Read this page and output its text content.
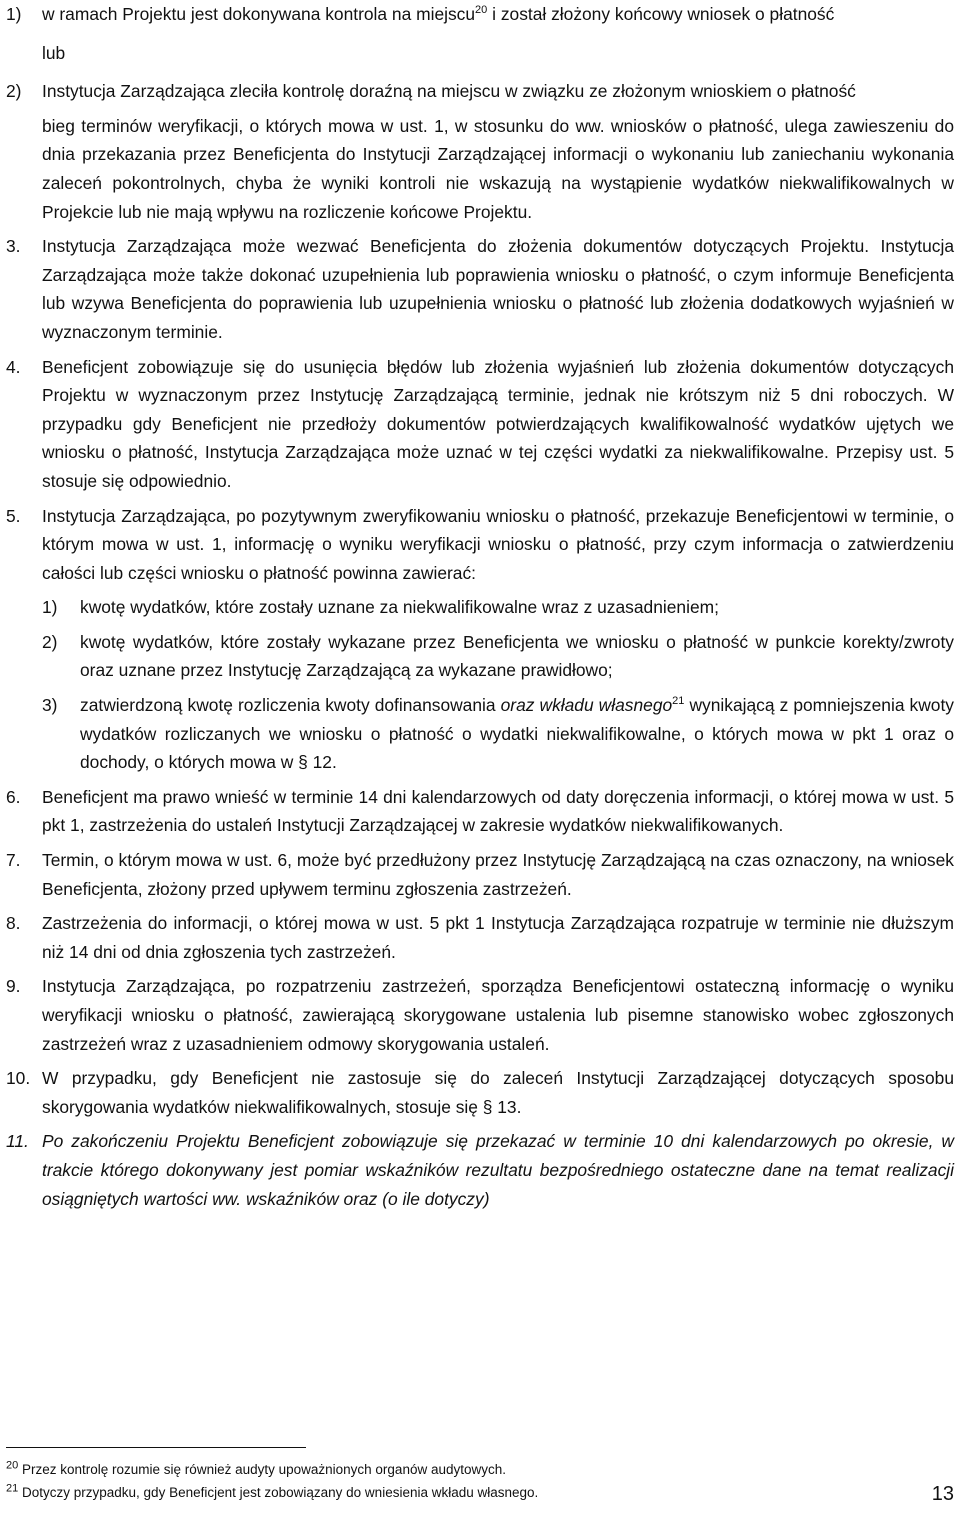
1) w ramach Projektu jest dokonywana kontrola na miejscu$^{20}$ i został złożony końcowy wniosek o płatność
lub
2) Instytucja Zarządzająca zleciła kontrolę doraźną na miejscu w związku ze złożonym wnioskiem o płatność
bieg terminów weryfikacji, o których mowa w ust. 1, w stosunku do ww. wniosków o płatność, ulega zawieszeniu do dnia przekazania przez Beneficjenta do Instytucji Zarządzającej informacji o wykonaniu lub zaniechaniu wykonania zaleceń pokontrolnych, chyba że wyniki kontroli nie wskazują na wystąpienie wydatków niekwalifikowalnych w Projekcie lub nie mają wpływu na rozliczenie końcowe Projektu.
3. Instytucja Zarządzająca może wezwać Beneficjenta do złożenia dokumentów dotyczących Projektu. Instytucja Zarządzająca może także dokonać uzupełnienia lub poprawienia wniosku o płatność, o czym informuje Beneficjenta lub wzywa Beneficjenta do poprawienia lub uzupełnienia wniosku o płatność lub złożenia dodatkowych wyjaśnień w wyznaczonym terminie.
4. Beneficjent zobowiązuje się do usunięcia błędów lub złożenia wyjaśnień lub złożenia dokumentów dotyczących Projektu w wyznaczonym przez Instytucję Zarządzającą terminie, jednak nie krótszym niż 5 dni roboczych. W przypadku gdy Beneficjent nie przedłoży dokumentów potwierdzających kwalifikowalność wydatków ujętych we wniosku o płatność, Instytucja Zarządzająca może uznać w tej części wydatki za niekwalifikowalne. Przepisy ust. 5 stosuje się odpowiednio.
5. Instytucja Zarządzająca, po pozytywnym zweryfikowaniu wniosku o płatność, przekazuje Beneficjentowi w terminie, o którym mowa w ust. 1, informację o wyniku weryfikacji wniosku o płatność, przy czym informacja o zatwierdzeniu całości lub części wniosku o płatność powinna zawierać:
1) kwotę wydatków, które zostały uznane za niekwalifikowalne wraz z uzasadnieniem;
2) kwotę wydatków, które zostały wykazane przez Beneficjenta we wniosku o płatność w punkcie korekty/zwroty oraz uznane przez Instytucję Zarządzającą za wykazane prawidłowo;
3) zatwierdzoną kwotę rozliczenia kwoty dofinansowania oraz wkładu własnego$^{21}$ wynikającą z pomniejszenia kwoty wydatków rozliczanych we wniosku o płatność o wydatki niekwalifikowalne, o których mowa w pkt 1 oraz o dochody, o których mowa w § 12.
6. Beneficjent ma prawo wnieść w terminie 14 dni kalendarzowych od daty doręczenia informacji, o której mowa w ust. 5 pkt 1, zastrzeżenia do ustaleń Instytucji Zarządzającej w zakresie wydatków niekwalifikowanych.
7. Termin, o którym mowa w ust. 6, może być przedłużony przez Instytucję Zarządzającą na czas oznaczony, na wniosek Beneficjenta, złożony przed upływem terminu zgłoszenia zastrzeżeń.
8. Zastrzeżenia do informacji, o której mowa w ust. 5 pkt 1 Instytucja Zarządzająca rozpatruje w terminie nie dłuższym niż 14 dni od dnia zgłoszenia tych zastrzeżeń.
9. Instytucja Zarządzająca, po rozpatrzeniu zastrzeżeń, sporządza Beneficjentowi ostateczną informację o wyniku weryfikacji wniosku o płatność, zawierającą skorygowane ustalenia lub pisemne stanowisko wobec zgłoszonych zastrzeżeń wraz z uzasadnieniem odmowy skorygowania ustaleń.
10. W przypadku, gdy Beneficjent nie zastosuje się do zaleceń Instytucji Zarządzającej dotyczących sposobu skorygowania wydatków niekwalifikowalnych, stosuje się § 13.
11. Po zakończeniu Projektu Beneficjent zobowiązuje się przekazać w terminie 10 dni kalendarzowych po okresie, w trakcie którego dokonywany jest pomiar wskaźników rezultatu bezpośredniego ostateczne dane na temat realizacji osiągniętych wartości ww. wskaźników oraz (o ile dotyczy)
$^{20}$ Przez kontrolę rozumie się również audyty upoważnionych organów audytowych.
$^{21}$ Dotyczy przypadku, gdy Beneficjent jest zobowiązany do wniesienia wkładu własnego.	13
